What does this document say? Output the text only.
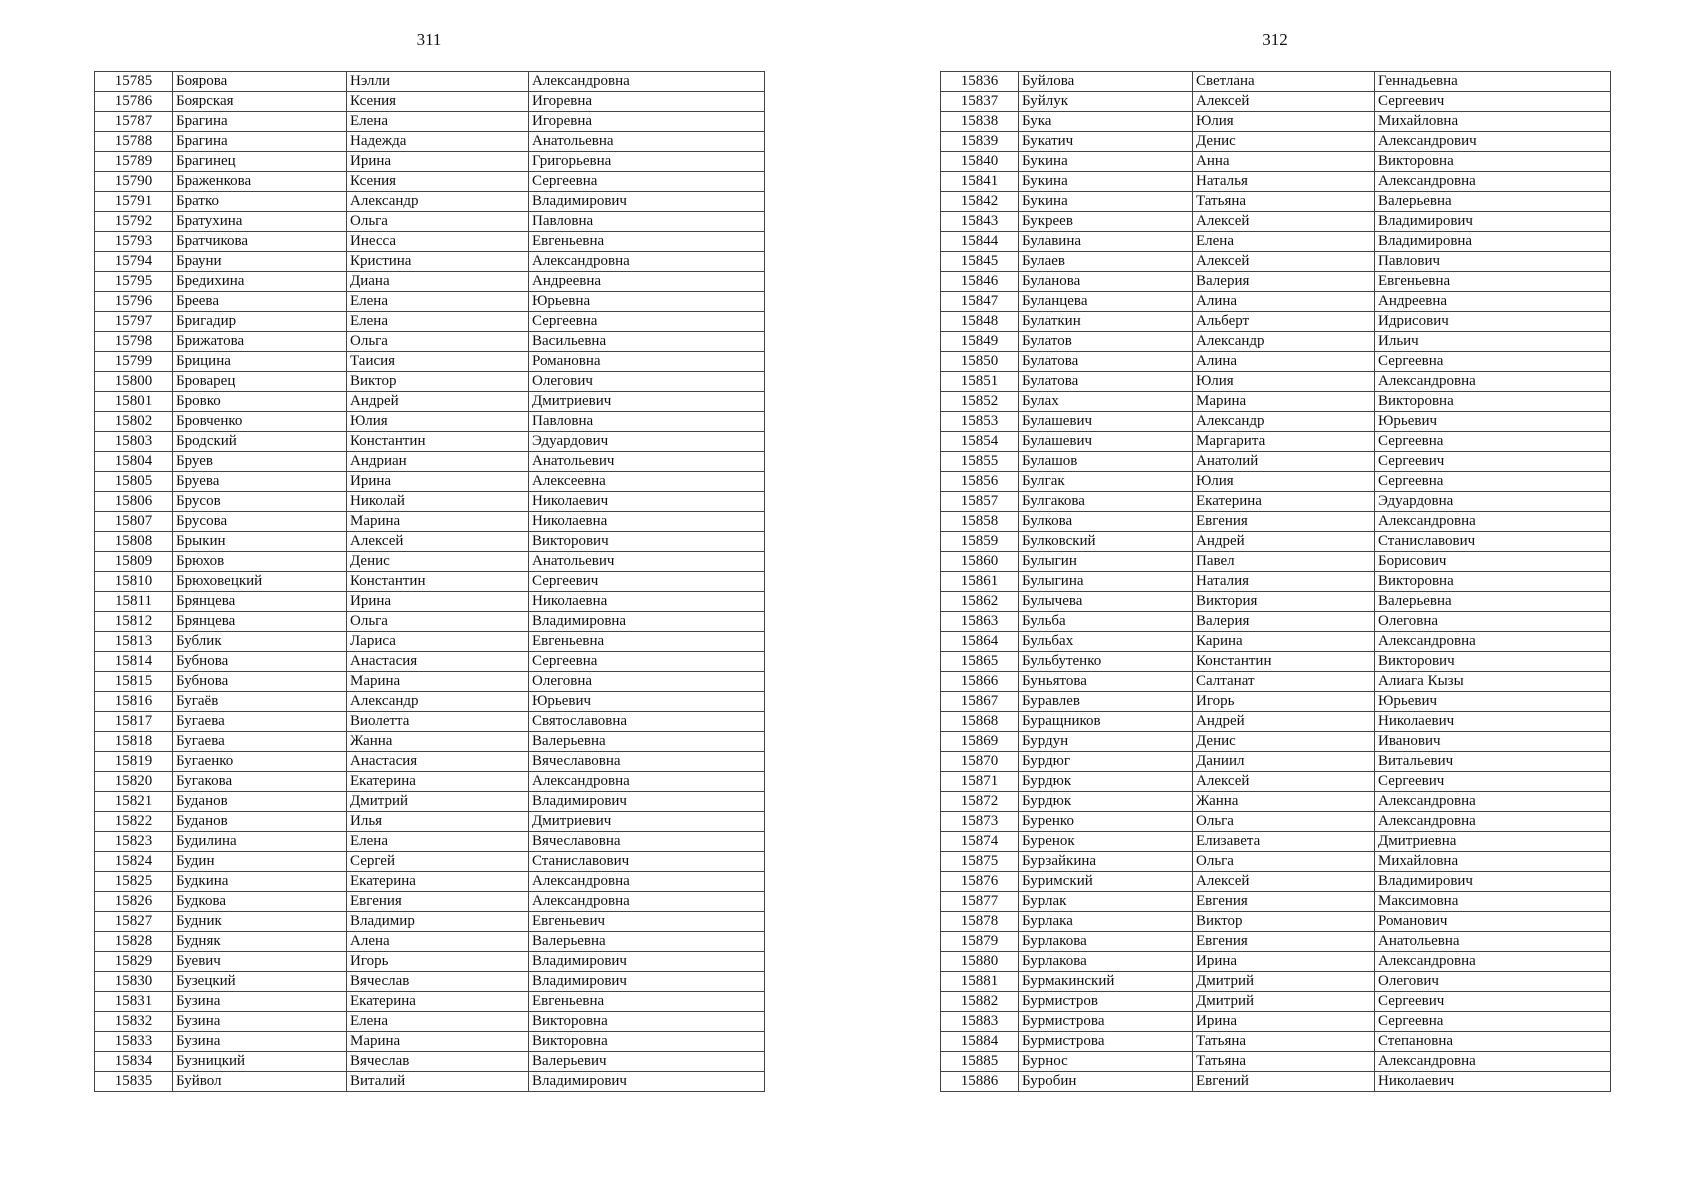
311
15785	Боярова	Нэлли	Александровна
15786	Боярская	Ксения	Игоревна
15787	Брагина	Елена	Игоревна
15788	Брагина	Надежда	Анатольевна
15789	Брагинец	Ирина	Григорьевна
15790	Браженкова	Ксения	Сергеевна
15791	Братко	Александр	Владимирович
15792	Братухина	Ольга	Павловна
15793	Братчикова	Инесса	Евгеньевна
15794	Брауни	Кристина	Александровна
15795	Бредихина	Диана	Андреевна
15796	Бреева	Елена	Юрьевна
15797	Бригадир	Елена	Сергеевна
15798	Брижатова	Ольга	Васильевна
15799	Брицина	Таисия	Романовна
15800	Броварец	Виктор	Олегович
15801	Бровко	Андрей	Дмитриевич
15802	Бровченко	Юлия	Павловна
15803	Бродский	Константин	Эдуардович
15804	Бруев	Андриан	Анатольевич
15805	Бруева	Ирина	Алексеевна
15806	Брусов	Николай	Николаевич
15807	Брусова	Марина	Николаевна
15808	Брыкин	Алексей	Викторович
15809	Брюхов	Денис	Анатольевич
15810	Брюховецкий	Константин	Сергеевич
15811	Брянцева	Ирина	Николаевна
15812	Брянцева	Ольга	Владимировна
15813	Бублик	Лариса	Евгеньевна
15814	Бубнова	Анастасия	Сергеевна
15815	Бубнова	Марина	Олеговна
15816	Бугаёв	Александр	Юрьевич
15817	Бугаева	Виолетта	Святославовна
15818	Бугаева	Жанна	Валерьевна
15819	Бугаенко	Анастасия	Вячеславовна
15820	Бугакова	Екатерина	Александровна
15821	Буданов	Дмитрий	Владимирович
15822	Буданов	Илья	Дмитриевич
15823	Будилина	Елена	Вячеславовна
15824	Будин	Сергей	Станиславович
15825	Будкина	Екатерина	Александровна
15826	Будкова	Евгения	Александровна
15827	Будник	Владимир	Евгеньевич
15828	Будняк	Алена	Валерьевна
15829	Буевич	Игорь	Владимирович
15830	Бузецкий	Вячеслав	Владимирович
15831	Бузина	Екатерина	Евгеньевна
15832	Бузина	Елена	Викторовна
15833	Бузина	Марина	Викторовна
15834	Бузницкий	Вячеслав	Валерьевич
15835	Буйвол	Виталий	Владимирович
312
15836	Буйлова	Светлана	Геннадьевна
15837	Буйлук	Алексей	Сергеевич
15838	Бука	Юлия	Михайловна
15839	Букатич	Денис	Александрович
15840	Букина	Анна	Викторовна
15841	Букина	Наталья	Александровна
15842	Букина	Татьяна	Валерьевна
15843	Букреев	Алексей	Владимирович
15844	Булавина	Елена	Владимировна
15845	Булаев	Алексей	Павлович
15846	Буланова	Валерия	Евгеньевна
15847	Буланцева	Алина	Андреевна
15848	Булаткин	Альберт	Идрисович
15849	Булатов	Александр	Ильич
15850	Булатова	Алина	Сергеевна
15851	Булатова	Юлия	Александровна
15852	Булах	Марина	Викторовна
15853	Булашевич	Александр	Юрьевич
15854	Булашевич	Маргарита	Сергеевна
15855	Булашов	Анатолий	Сергеевич
15856	Булгак	Юлия	Сергеевна
15857	Булгакова	Екатерина	Эдуардовна
15858	Булкова	Евгения	Александровна
15859	Булковский	Андрей	Станиславович
15860	Булыгин	Павел	Борисович
15861	Булыгина	Наталия	Викторовна
15862	Булычева	Виктория	Валерьевна
15863	Бульба	Валерия	Олеговна
15864	Бульбах	Карина	Александровна
15865	Бульбутенко	Константин	Викторович
15866	Буньятова	Салтанат	Алиага Кызы
15867	Буравлев	Игорь	Юрьевич
15868	Буращников	Андрей	Николаевич
15869	Бурдун	Денис	Иванович
15870	Бурдюг	Даниил	Витальевич
15871	Бурдюк	Алексей	Сергеевич
15872	Бурдюк	Жанна	Александровна
15873	Буренко	Ольга	Александровна
15874	Буренок	Елизавета	Дмитриевна
15875	Бурзайкина	Ольга	Михайловна
15876	Буримский	Алексей	Владимирович
15877	Бурлак	Евгения	Максимовна
15878	Бурлака	Виктор	Романович
15879	Бурлакова	Евгения	Анатольевна
15880	Бурлакова	Ирина	Александровна
15881	Бурмакинский	Дмитрий	Олегович
15882	Бурмистров	Дмитрий	Сергеевич
15883	Бурмистрова	Ирина	Сергеевна
15884	Бурмистрова	Татьяна	Степановна
15885	Бурнос	Татьяна	Александровна
15886	Буробин	Евгений	Николаевич
